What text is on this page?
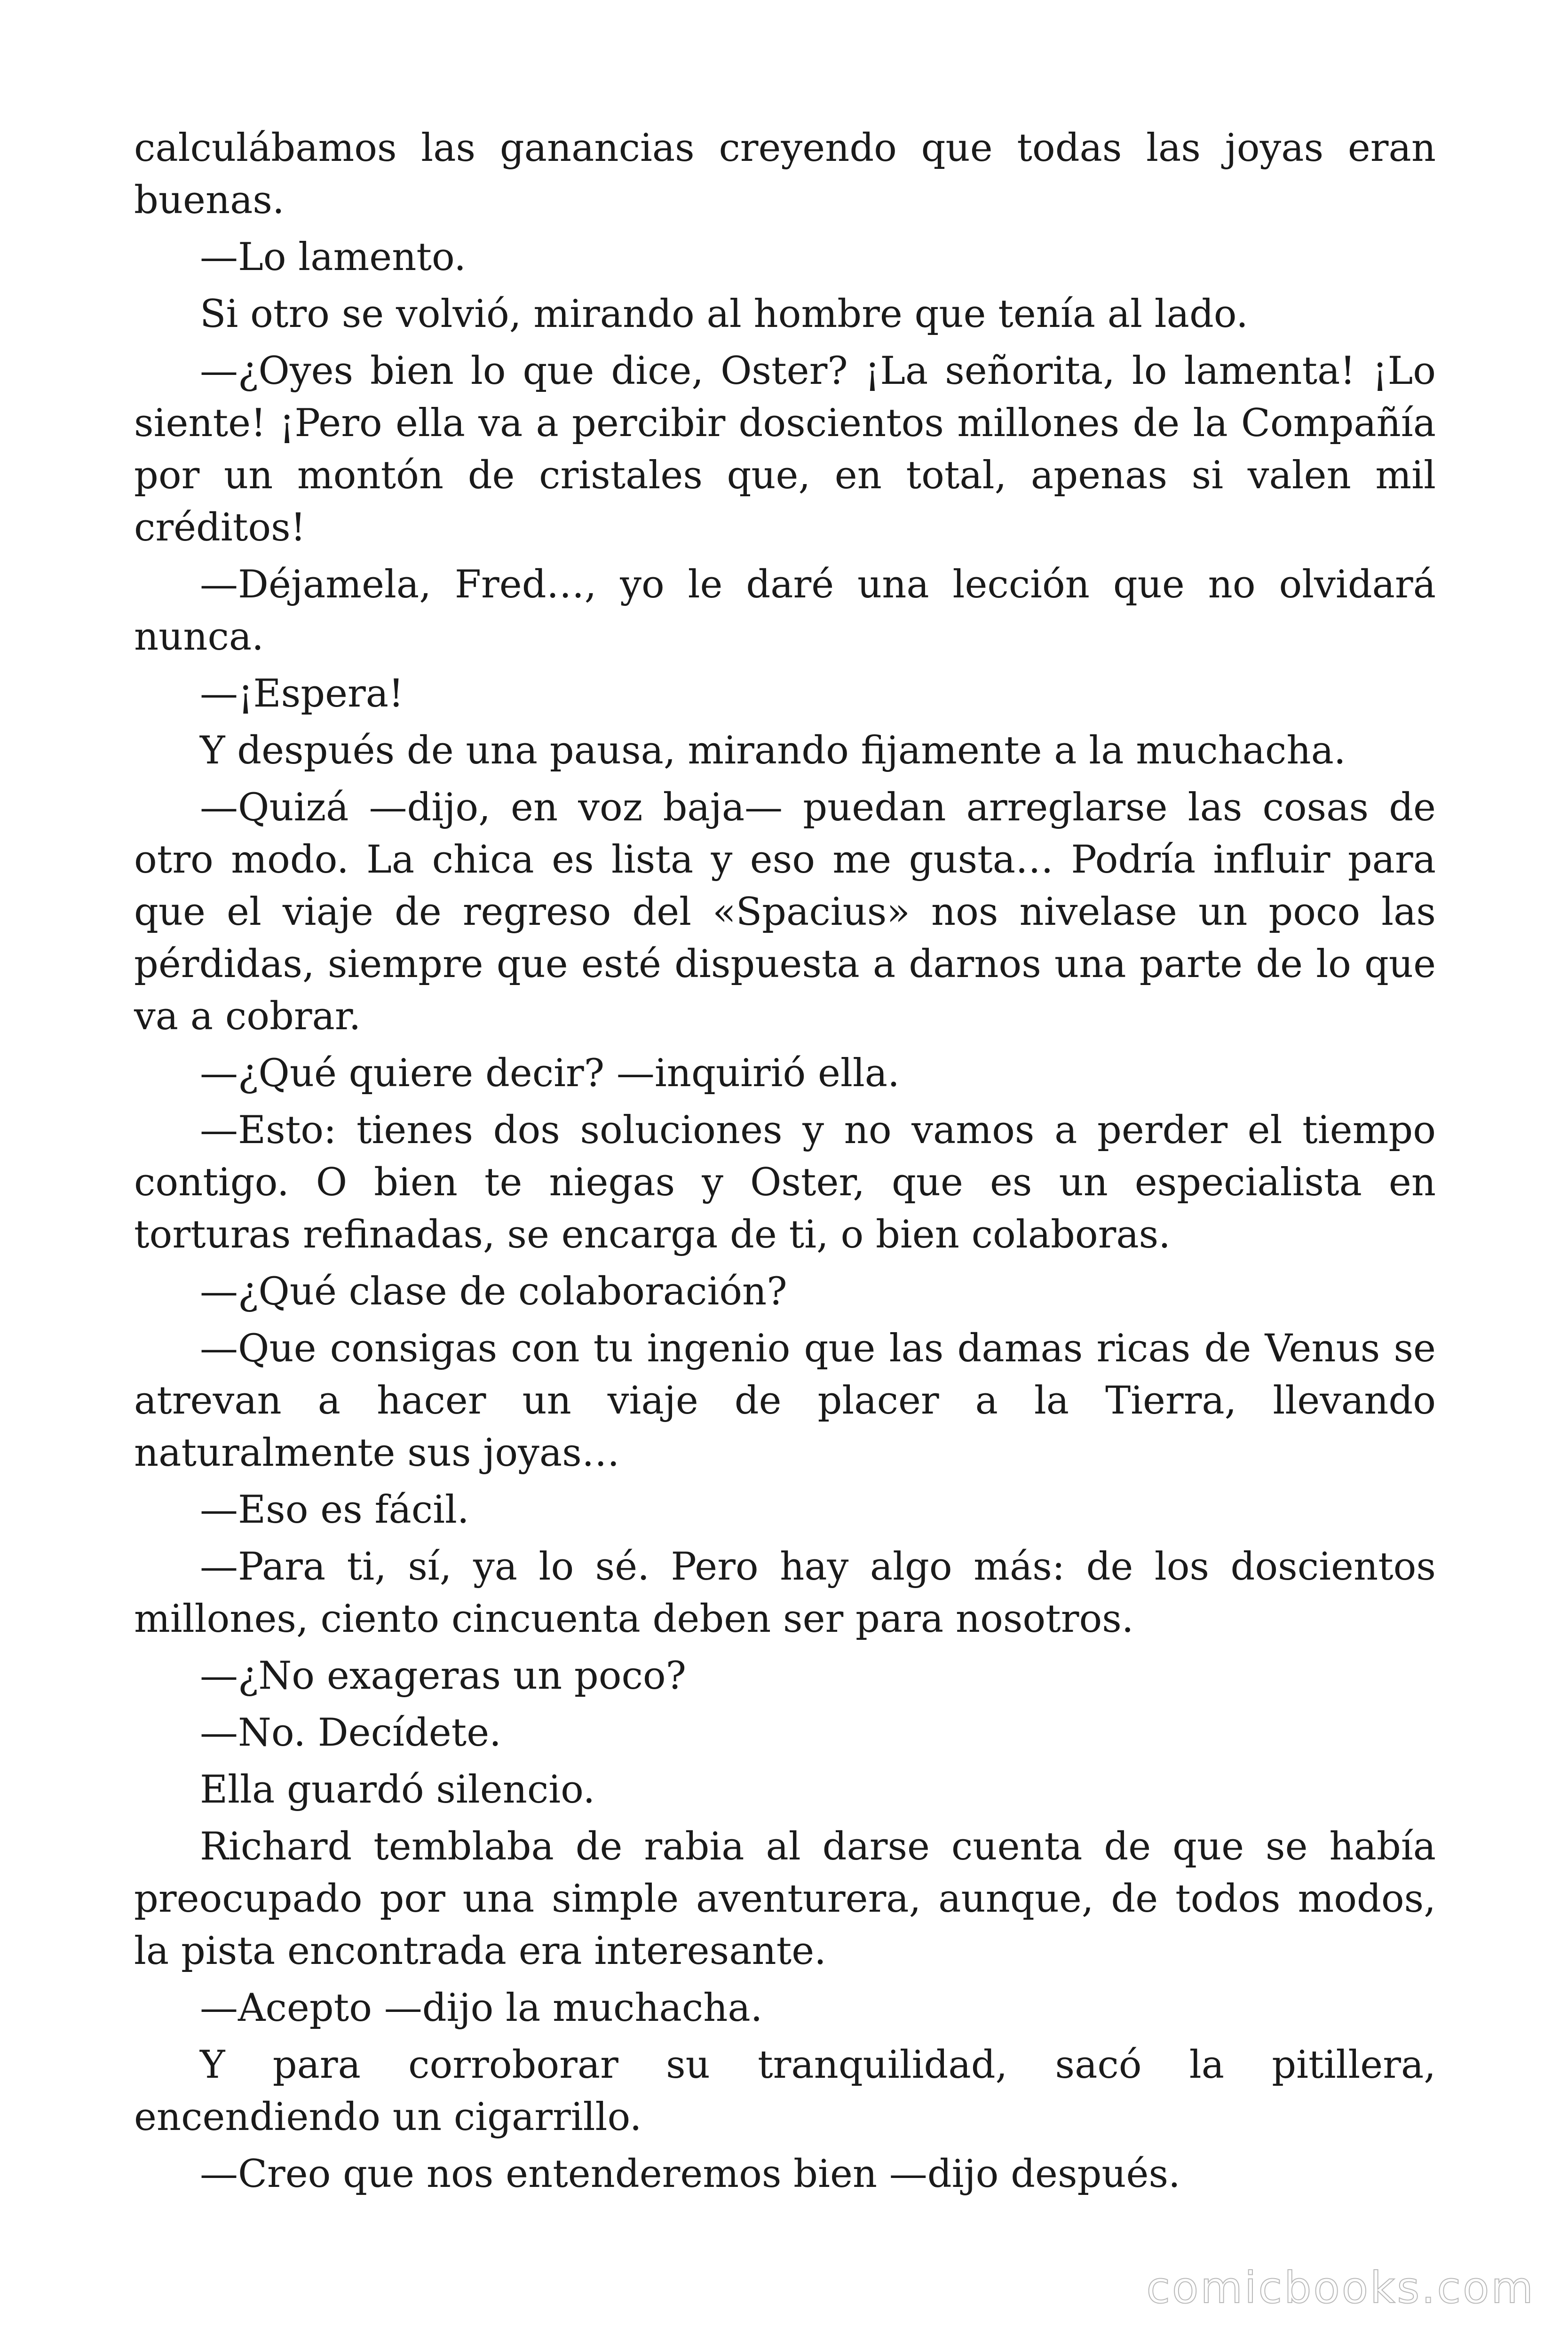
calculábamos las ganancias creyendo que todas las joyas eran buenas.

—Lo lamento.

Si otro se volvió, mirando al hombre que tenía al lado.

—¿Oyes bien lo que dice, Oster? ¡La señorita, lo lamenta! ¡Lo siente! ¡Pero ella va a percibir doscientos millones de la Compañía por un montón de cristales que, en total, apenas si valen mil créditos!

—Déjamela, Fred…, yo le daré una lección que no olvidará nunca.

—¡Espera!

Y después de una pausa, mirando fijamente a la muchacha.

—Quizá —dijo, en voz baja— puedan arreglarse las cosas de otro modo. La chica es lista y eso me gusta… Podría influir para que el viaje de regreso del «Spacius» nos nivelase un poco las pérdidas, siempre que esté dispuesta a darnos una parte de lo que va a cobrar.

—¿Qué quiere decir? —inquirió ella.

—Esto: tienes dos soluciones y no vamos a perder el tiempo contigo. O bien te niegas y Oster, que es un especialista en torturas refinadas, se encarga de ti, o bien colaboras.

—¿Qué clase de colaboración?

—Que consigas con tu ingenio que las damas ricas de Venus se atrevan a hacer un viaje de placer a la Tierra, llevando naturalmente sus joyas…

—Eso es fácil.

—Para ti, sí, ya lo sé. Pero hay algo más: de los doscientos millones, ciento cincuenta deben ser para nosotros.

—¿No exageras un poco?

—No. Decídete.

Ella guardó silencio.

Richard temblaba de rabia al darse cuenta de que se había preocupado por una simple aventurera, aunque, de todos modos, la pista encontrada era interesante.

—Acepto —dijo la muchacha.

Y para corroborar su tranquilidad, sacó la pitillera, encendiendo un cigarrillo.

—Creo que nos entenderemos bien —dijo después.

comicbooks.com
